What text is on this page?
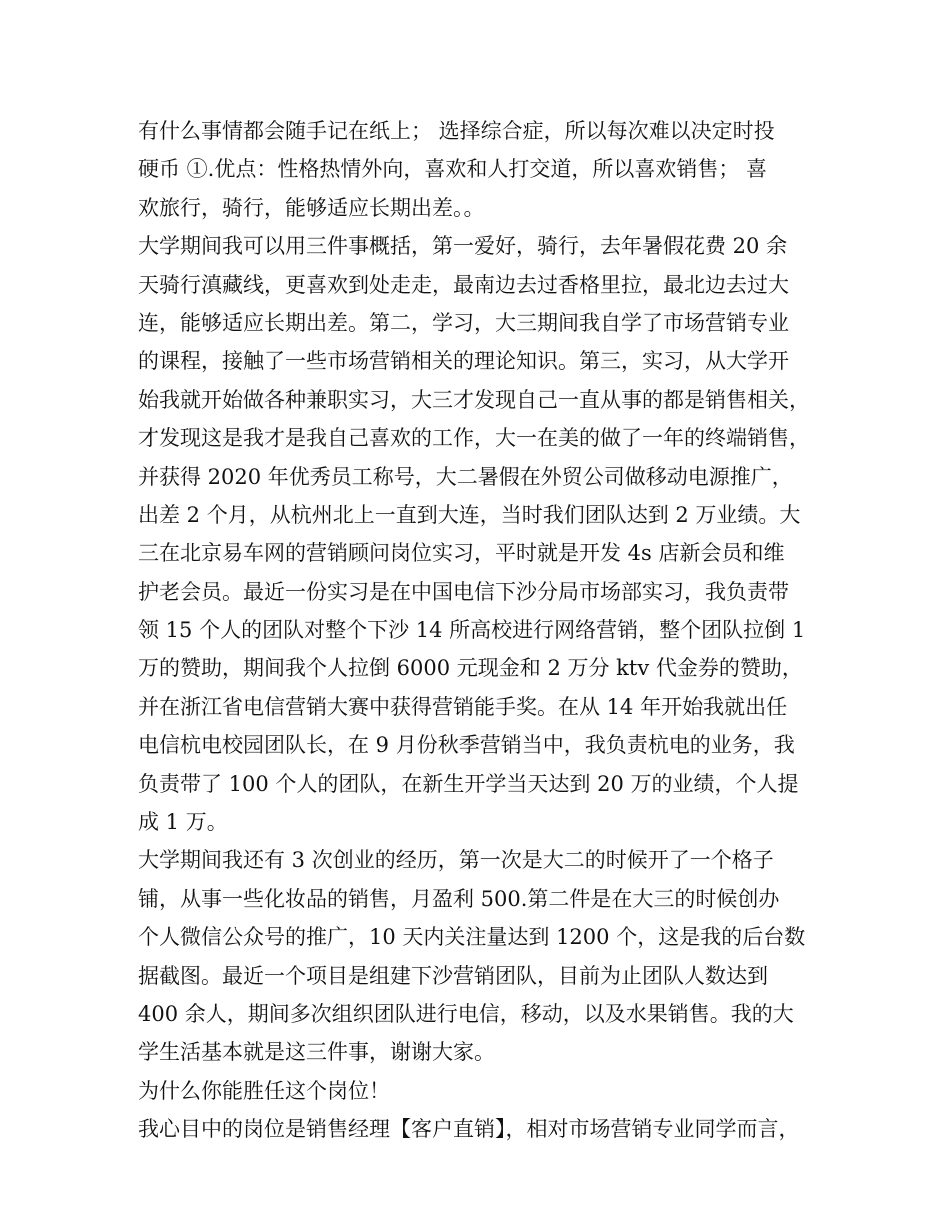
有什么事情都会随手记在纸上； 选择综合症，所以每次难以决定时投
硬币 ①.优点：性格热情外向，喜欢和人打交道，所以喜欢销售； 喜
欢旅行，骑行，能够适应长期出差。。
大学期间我可以用三件事概括，第一爱好，骑行，去年暑假花费 20 余
天骑行滇藏线，更喜欢到处走走，最南边去过香格里拉，最北边去过大
连，能够适应长期出差。第二，学习，大三期间我自学了市场营销专业
的课程，接触了一些市场营销相关的理论知识。第三，实习，从大学开
始我就开始做各种兼职实习，大三才发现自己一直从事的都是销售相关，
才发现这是我才是我自己喜欢的工作，大一在美的做了一年的终端销售，
并获得 2020 年优秀员工称号，大二暑假在外贸公司做移动电源推广，
出差 2 个月，从杭州北上一直到大连，当时我们团队达到 2 万业绩。大
三在北京易车网的营销顾问岗位实习，平时就是开发 4s 店新会员和维
护老会员。最近一份实习是在中国电信下沙分局市场部实习，我负责带
领 15 个人的团队对整个下沙 14 所高校进行网络营销，整个团队拉倒 1
万的赞助，期间我个人拉倒 6000 元现金和 2 万分 ktv 代金券的赞助，
并在浙江省电信营销大赛中获得营销能手奖。在从 14 年开始我就出任
电信杭电校园团队长，在 9 月份秋季营销当中，我负责杭电的业务，我
负责带了 100 个人的团队，在新生开学当天达到 20 万的业绩，个人提
成 1 万。
大学期间我还有 3 次创业的经历，第一次是大二的时候开了一个格子
铺，从事一些化妆品的销售，月盈利 500.第二件是在大三的时候创办
个人微信公众号的推广，10 天内关注量达到 1200 个，这是我的后台数
据截图。最近一个项目是组建下沙营销团队，目前为止团队人数达到
400 余人，期间多次组织团队进行电信，移动，以及水果销售。我的大
学生活基本就是这三件事，谢谢大家。
为什么你能胜任这个岗位！
我心目中的岗位是销售经理【客户直销】，相对市场营销专业同学而言，
